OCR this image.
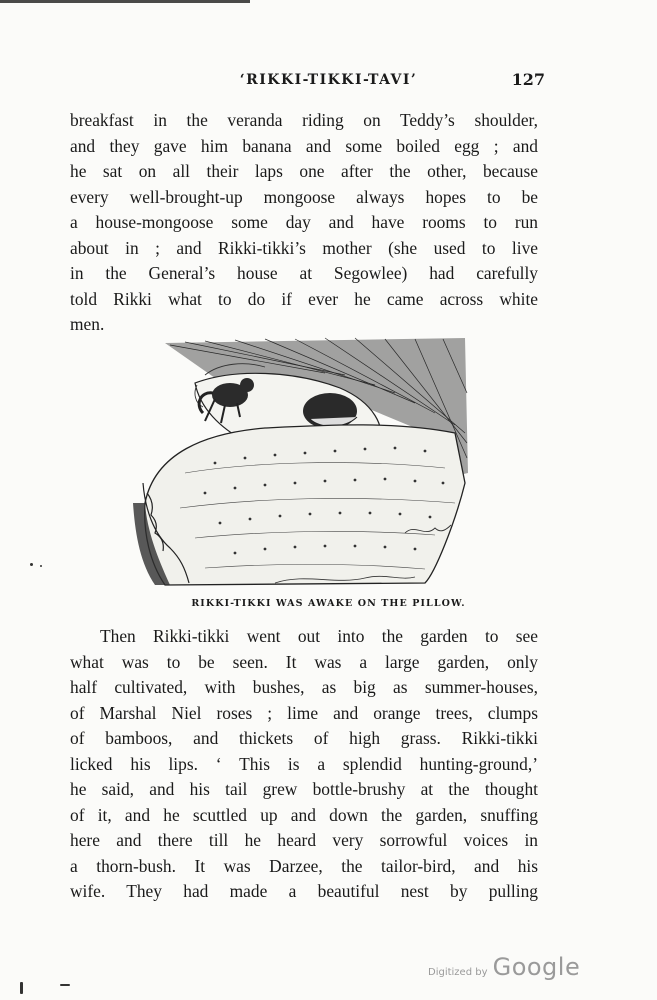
‘RIKKI-TIKKI-TAVI’	127
breakfast in the veranda riding on Teddy’s shoulder,
and they gave him banana and some boiled egg ; and
he sat on all their laps one after the other, because
every well-brought-up mongoose always hopes to be
a house-mongoose some day and have rooms to run
about in ; and Rikki-tikki’s mother (she used to live
in the General’s house at Segowlee) had carefully
told Rikki what to do if ever he came across white
men.
RIKKI-TIKKI WAS AWAKE ON THE PILLOW.
Then Rikki-tikki went out into the garden to see
what was to be seen. It was a large garden, only
half cultivated, with bushes, as big as summer-houses,
of Marshal Niel roses ; lime and orange trees, clumps
of bamboos, and thickets of high grass. Rikki-tikki
licked his lips. ‘ This is a splendid hunting-ground,’
he said, and his tail grew bottle-brushy at the thought
of it, and he scuttled up and down the garden, snuffing
here and there till he heard very sorrowful voices in
a thorn-bush. It was Darzee, the tailor-bird, and his
wife. They had made a beautiful nest by pulling
Digitized by Google
